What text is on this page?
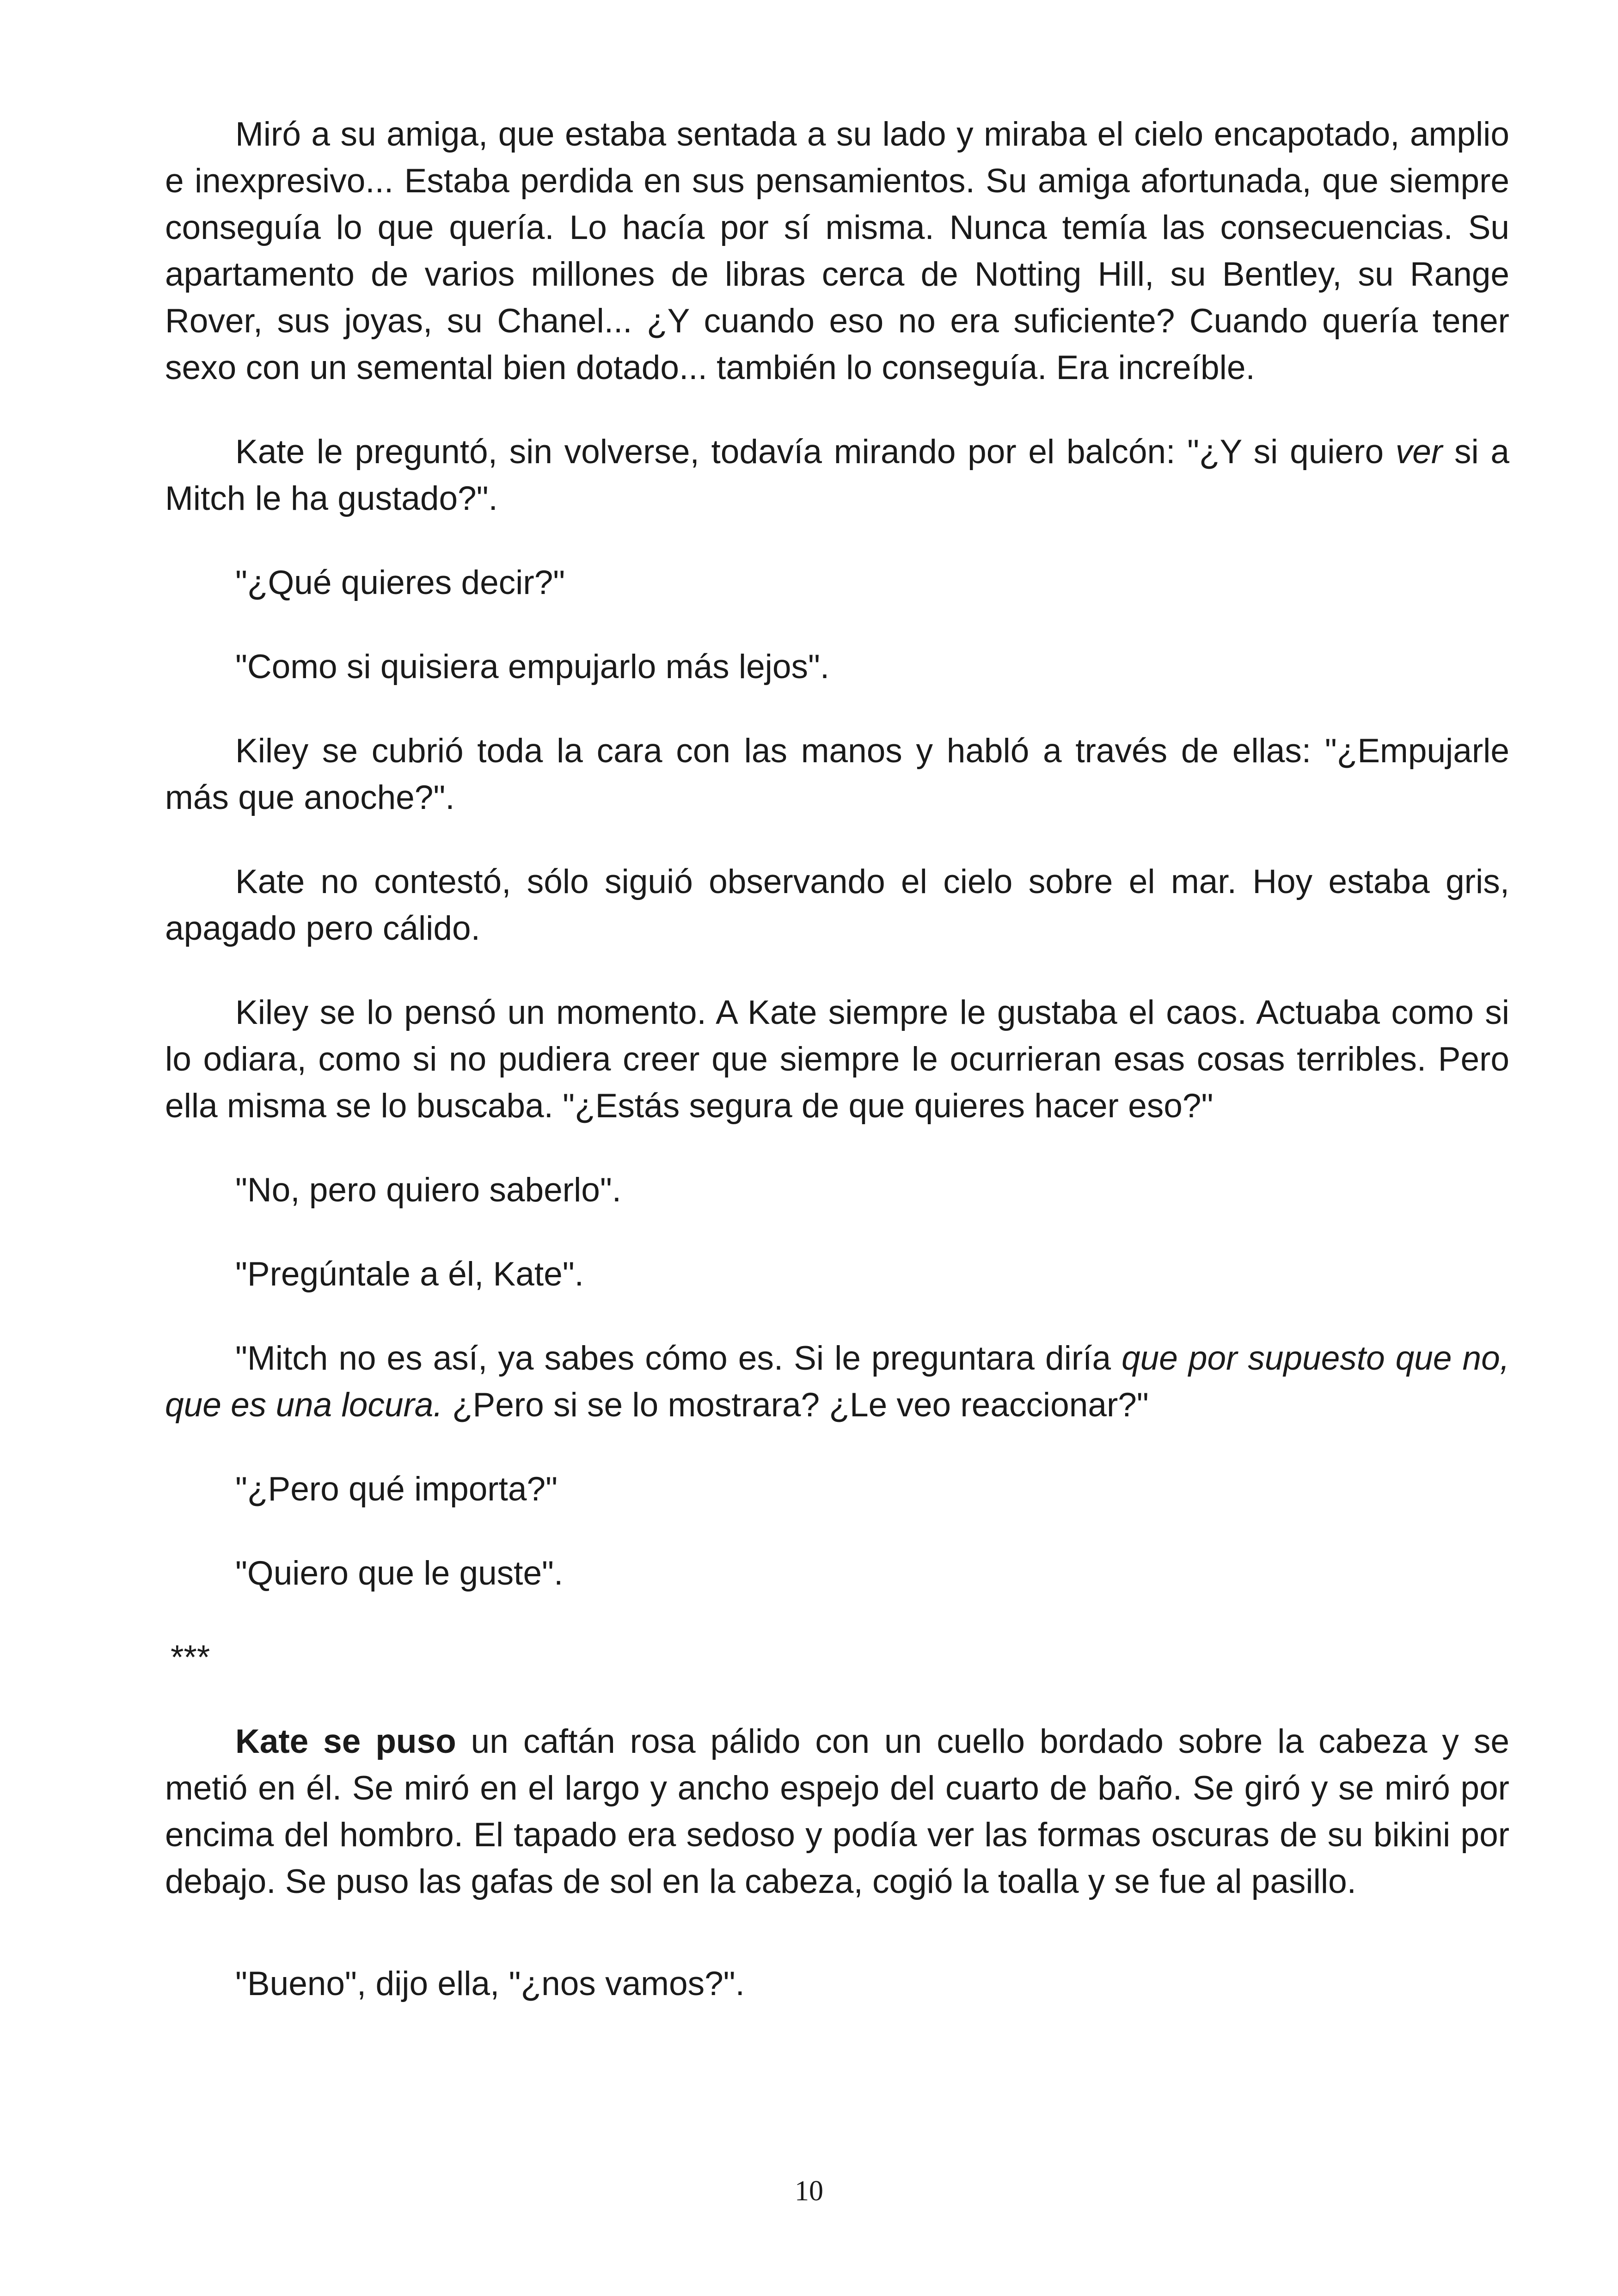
Miró a su amiga, que estaba sentada a su lado y miraba el cielo encapotado, amplio e inexpresivo... Estaba perdida en sus pensamientos. Su amiga afortunada, que siempre conseguía lo que quería. Lo hacía por sí misma. Nunca temía las consecuencias. Su apartamento de varios millones de libras cerca de Notting Hill, su Bentley, su Range Rover, sus joyas, su Chanel... ¿Y cuando eso no era suficiente? Cuando quería tener sexo con un semental bien dotado... también lo conseguía. Era increíble.

Kate le preguntó, sin volverse, todavía mirando por el balcón: "¿Y si quiero ver si a Mitch le ha gustado?".

"¿Qué quieres decir?"

"Como si quisiera empujarlo más lejos".

Kiley se cubrió toda la cara con las manos y habló a través de ellas: "¿Empujarle más que anoche?".

Kate no contestó, sólo siguió observando el cielo sobre el mar. Hoy estaba gris, apagado pero cálido.

Kiley se lo pensó un momento. A Kate siempre le gustaba el caos. Actuaba como si lo odiara, como si no pudiera creer que siempre le ocurrieran esas cosas terribles. Pero ella misma se lo buscaba. "¿Estás segura de que quieres hacer eso?"

"No, pero quiero saberlo".

"Pregúntale a él, Kate".

"Mitch no es así, ya sabes cómo es. Si le preguntara diría que por supuesto que no, que es una locura. ¿Pero si se lo mostrara? ¿Le veo reaccionar?"

"¿Pero qué importa?"

"Quiero que le guste".

***

Kate se puso un caftán rosa pálido con un cuello bordado sobre la cabeza y se metió en él. Se miró en el largo y ancho espejo del cuarto de baño. Se giró y se miró por encima del hombro. El tapado era sedoso y podía ver las formas oscuras de su bikini por debajo. Se puso las gafas de sol en la cabeza, cogió la toalla y se fue al pasillo.

"Bueno", dijo ella, "¿nos vamos?".

10
